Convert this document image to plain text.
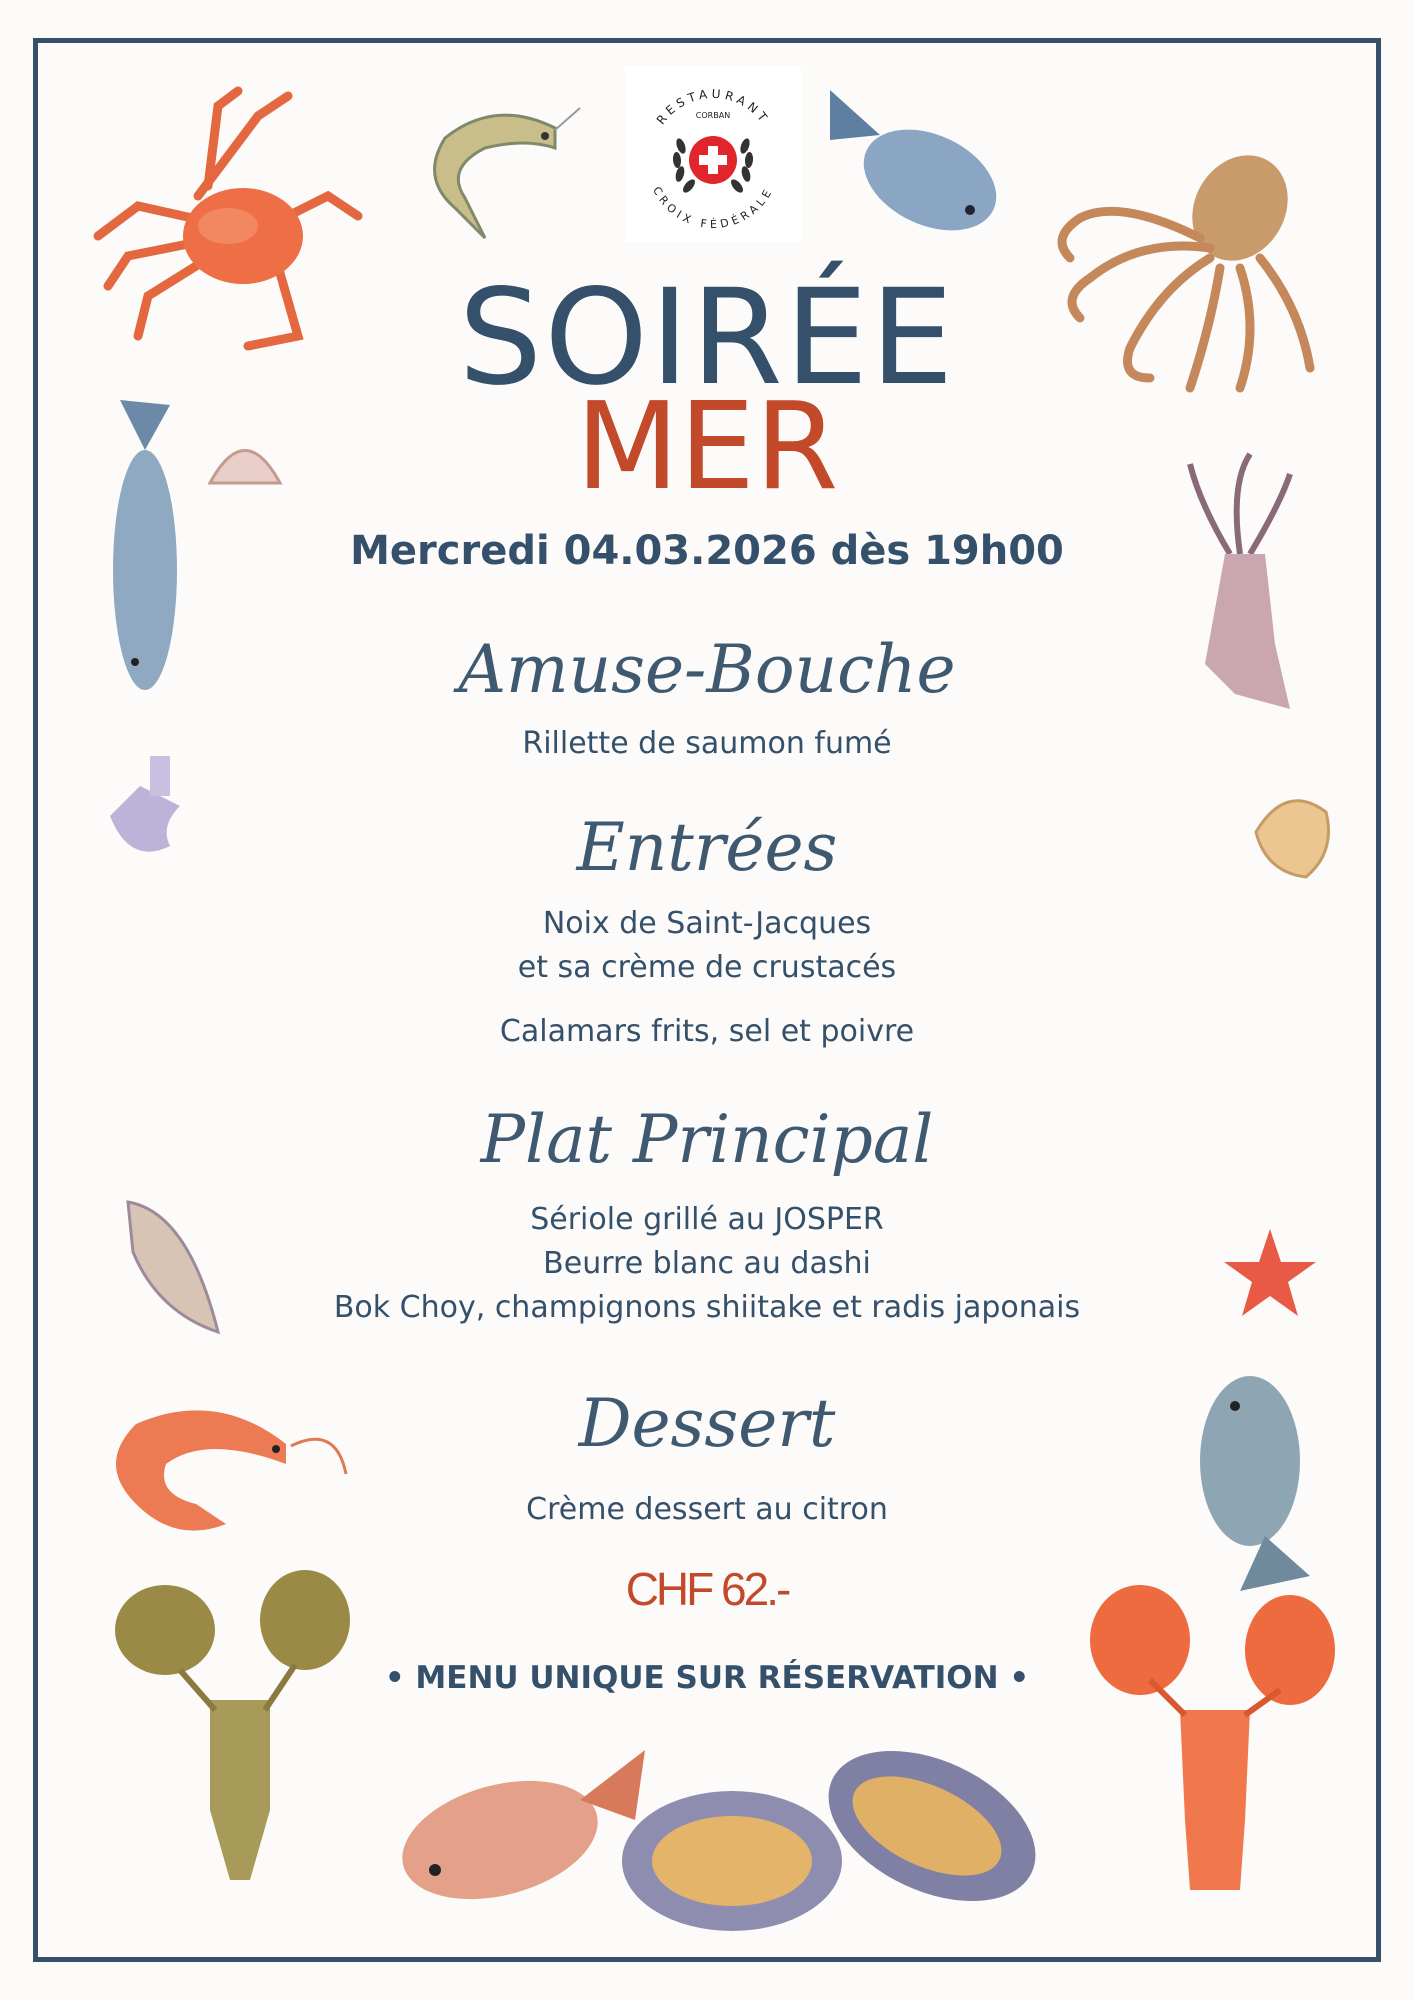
RESTAURANT
CROIX FÉDÉRALE
CORBAN
SOIRÉE
MER
Mercredi 04.03.2026 dès 19h00
Amuse-Bouche
Rillette de saumon fumé
Entrées
Noix de Saint-Jacques
et sa crème de crustacés
Calamars frits, sel et poivre
Plat Principal
Sériole grillé au JOSPER
Beurre blanc au dashi
Bok Choy, champignons shiitake et radis japonais
Dessert
Crème dessert au citron
CHF 62.-
• MENU UNIQUE SUR RÉSERVATION •
